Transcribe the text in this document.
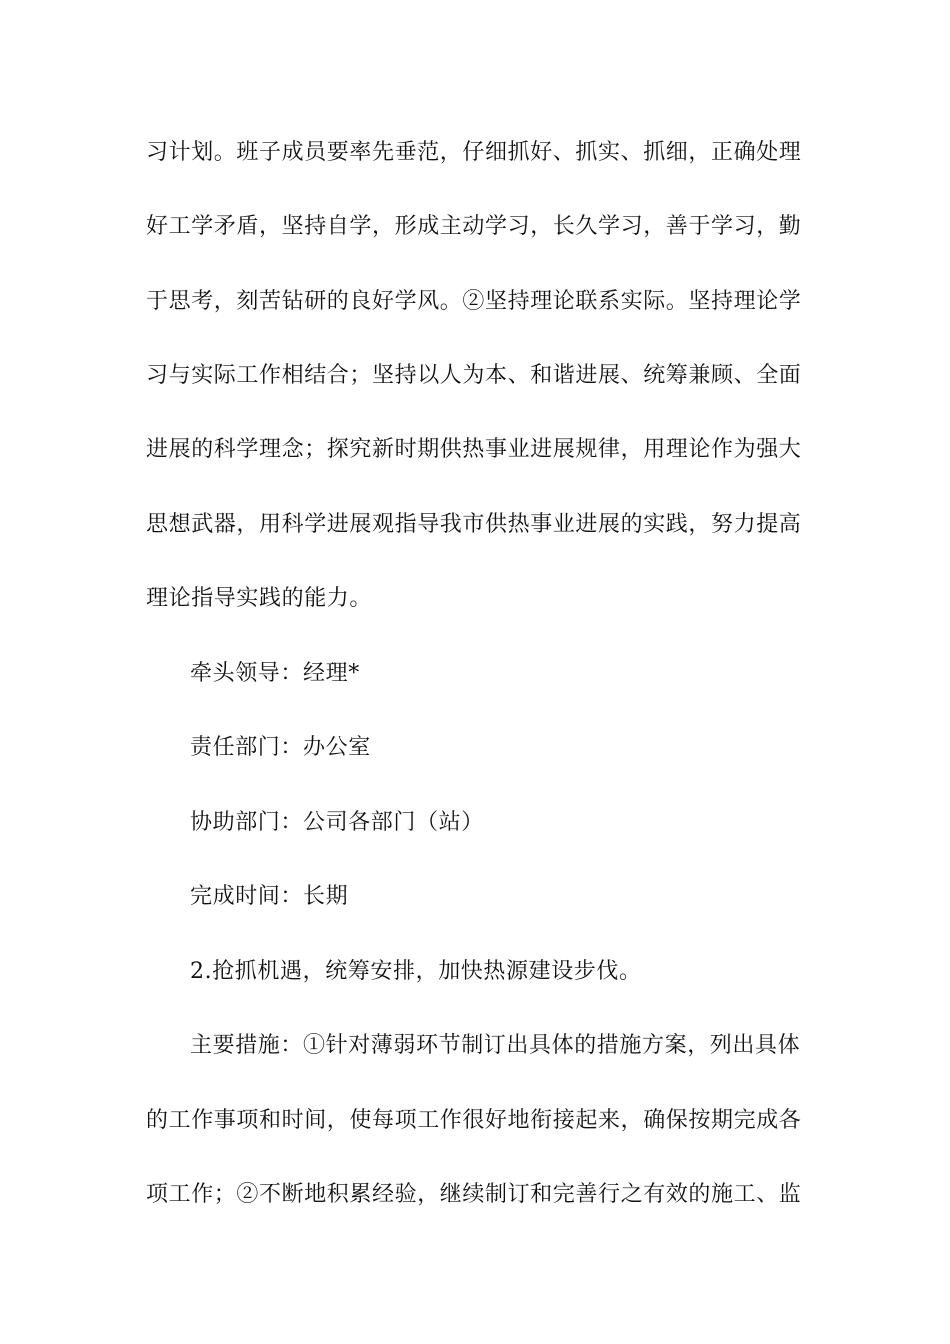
习计划。班子成员要率先垂范，仔细抓好、抓实、抓细，正确处理
好工学矛盾，坚持自学，形成主动学习，长久学习，善于学习，勤
于思考，刻苦钻研的良好学风。②坚持理论联系实际。坚持理论学
习与实际工作相结合；坚持以人为本、和谐进展、统筹兼顾、全面
进展的科学理念；探究新时期供热事业进展规律，用理论作为强大
思想武器，用科学进展观指导我市供热事业进展的实践，努力提高
理论指导实践的能力。
牵头领导：经理*
责任部门：办公室
协助部门：公司各部门（站）
完成时间：长期
2.抢抓机遇，统筹安排，加快热源建设步伐。
主要措施：①针对薄弱环节制订出具体的措施方案，列出具体
的工作事项和时间，使每项工作很好地衔接起来，确保按期完成各
项工作；②不断地积累经验，继续制订和完善行之有效的施工、监
